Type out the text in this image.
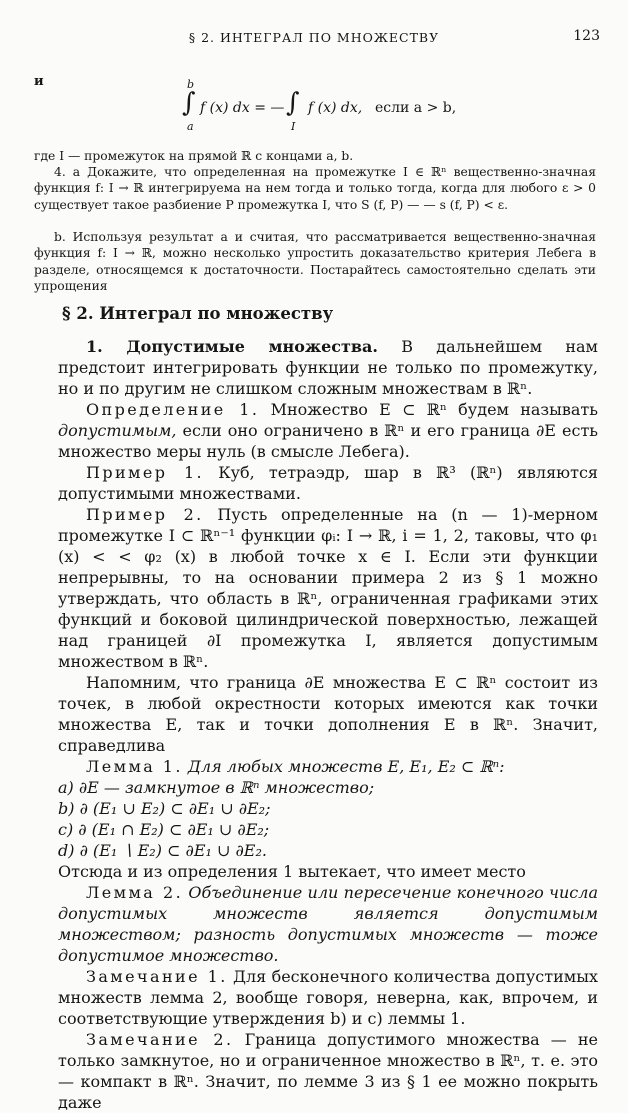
§ 2. ИНТЕГРАЛ ПО МНОЖЕСТВУ	123
и	b
∫
a
f (x) dx = — ∫
I
f (x) dx, если a > b,
где I — промежуток на прямой ℝ с концами a, b.
4. а Докажите, что определенная на промежутке I ∈ ℝⁿ вещественно-значная функция f: I → ℝ интегрируема на нем тогда и только тогда, когда для любого ε > 0 существует такое разбиение P промежутка I, что S (f, P) — — s (f, P) < ε.
b. Используя результат а и считая, что рассматривается вещественно-значная функция f: I → ℝ, можно несколько упростить доказательство критерия Лебега в разделе, относящемся к достаточности. Постарайтесь самостоятельно сделать эти упрощения
§ 2. Интеграл по множеству

1. Допустимые множества. В дальнейшем нам предстоит интегрировать функции не только по промежутку, но и по другим не слишком сложным множествам в ℝⁿ.

Определение 1. Множество E ⊂ ℝⁿ будем называть допустимым, если оно ограничено в ℝⁿ и его граница ∂E есть множество меры нуль (в смысле Лебега).

Пример 1. Куб, тетраэдр, шар в ℝ³ (ℝⁿ) являются допустимыми множествами.

Пример 2. Пусть определенные на (n — 1)-мерном промежутке I ⊂ ℝⁿ⁻¹ функции φᵢ: I → ℝ, i = 1, 2, таковы, что φ₁ (x) < < φ₂ (x) в любой точке x ∈ I. Если эти функции непрерывны, то на основании примера 2 из § 1 можно утверждать, что область в ℝⁿ, ограниченная графиками этих функций и боковой цилиндрической поверхностью, лежащей над границей ∂I промежутка I, является допустимым множеством в ℝⁿ.

Напомним, что граница ∂E множества E ⊂ ℝⁿ состоит из точек, в любой окрестности которых имеются как точки множества E, так и точки дополнения E в ℝⁿ. Значит, справедлива

Лемма 1. Для любых множеств E, E₁, E₂ ⊂ ℝⁿ:

a) ∂E — замкнутое в ℝⁿ множество;

b) ∂ (E₁ ∪ E₂) ⊂ ∂E₁ ∪ ∂E₂;

c) ∂ (E₁ ∩ E₂) ⊂ ∂E₁ ∪ ∂E₂;

d) ∂ (E₁ ∖ E₂) ⊂ ∂E₁ ∪ ∂E₂.

Отсюда и из определения 1 вытекает, что имеет место

Лемма 2. Объединение или пересечение конечного числа допустимых множеств является допустимым множеством; разность допустимых множеств — тоже допустимое множество.

Замечание 1. Для бесконечного количества допустимых множеств лемма 2, вообще говоря, неверна, как, впрочем, и соответствующие утверждения b) и c) леммы 1.

Замечание 2. Граница допустимого множества — не только замкнутое, но и ограниченное множество в ℝⁿ, т. е. это — компакт в ℝⁿ. Значит, по лемме 3 из § 1 ее можно покрыть даже
